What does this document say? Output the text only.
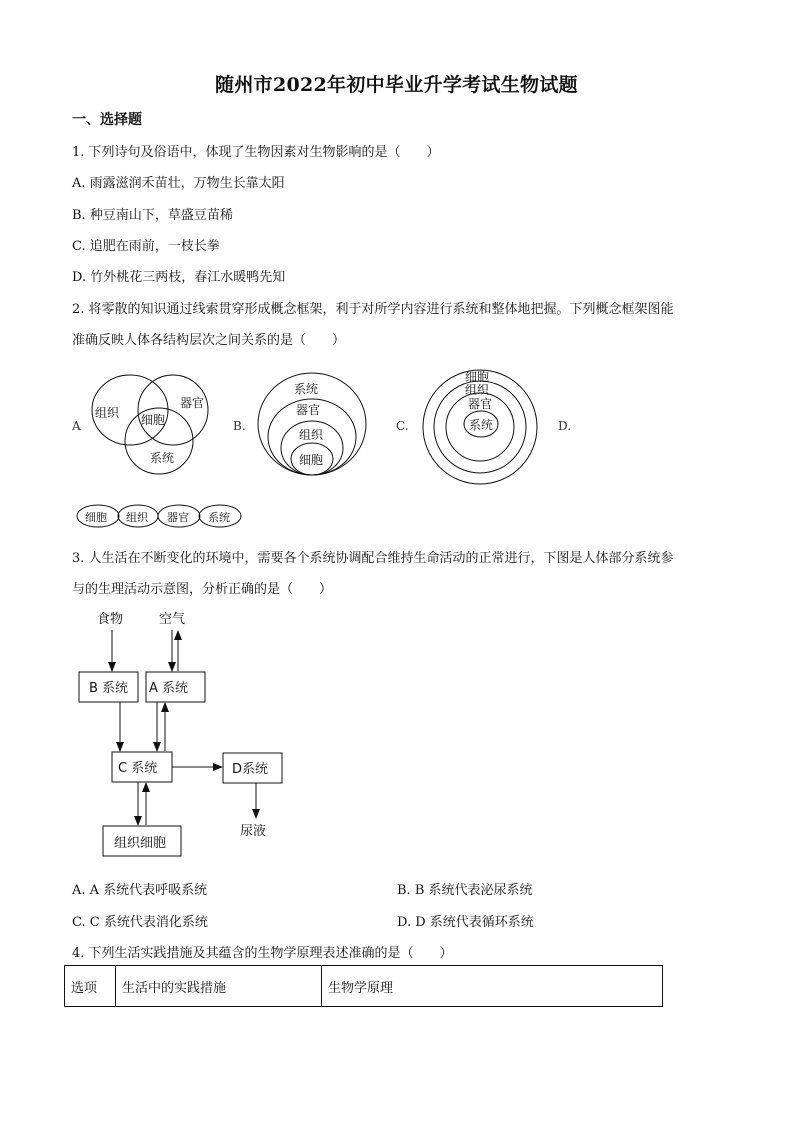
随州市2022年初中毕业升学考试生物试题
一、选择题
1. 下列诗句及俗语中，体现了生物因素对生物影响的是（　　）
A. 雨露滋润禾苗壮，万物生长靠太阳
B. 种豆南山下，草盛豆苗稀
C. 追肥在雨前，一枝长拳
D. 竹外桃花三两枝，春江水暖鸭先知
2. 将零散的知识通过线索贯穿形成概念框架，利于对所学内容进行系统和整体地把握。下列概念框架图能
准确反映人体各结构层次之间关系的是（　　）
A	B.	C.	D.
组织
器官
细胞
系统
系统
器官
组织
细胞
细胞
组织
器官
系统
细胞 组织 器官 系统
食物	空气
B 系统 A 系统
C 系统	D系统
组织细胞
尿液
3. 人生活在不断变化的环境中，需要各个系统协调配合维持生命活动的正常进行，下图是人体部分系统参
与的生理活动示意图，分析正确的是（　　）
A. A 系统代表呼吸系统	B. B 系统代表泌尿系统
C. C 系统代表消化系统	D. D 系统代表循环系统
4. 下列生活实践措施及其蕴含的生物学原理表述准确的是（　　）
选项	生活中的实践措施	生物学原理
